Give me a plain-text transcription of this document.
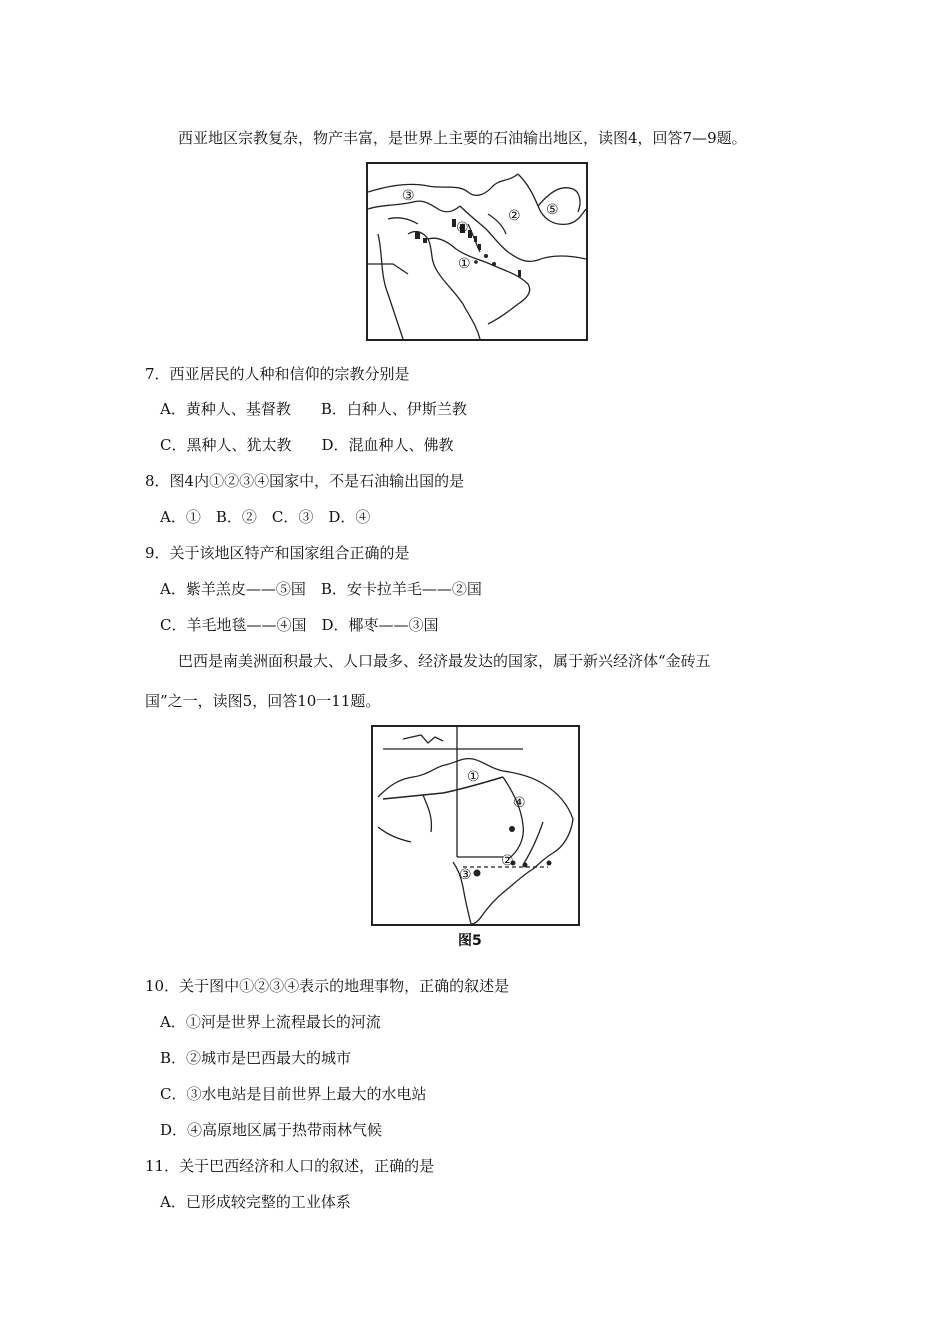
西亚地区宗教复杂，物产丰富，是世界上主要的石油输出地区，读图4，回答7—9题。
③
② ⑤
④
①
7．西亚居民的人种和信仰的宗教分别是
A．黄种人、基督教　　B．白种人、伊斯兰教
C．黑种人、犹太教　　D．混血种人、佛教
8．图4内①②③④国家中，不是石油输出国的是
A．①　B．②　C．③　D．④
9．关于该地区特产和国家组合正确的是
A．紫羊羔皮——⑤国　B．安卡拉羊毛——②国
C．羊毛地毯——④国　D．椰枣——③国
巴西是南美洲面积最大、人口最多、经济最发达的国家，属于新兴经济体“金砖五
国”之一，读图5，回答10一11题。
①
④
②
③
图5
10．关于图中①②③④表示的地理事物，正确的叙述是
A．①河是世界上流程最长的河流
B．②城市是巴西最大的城市
C．③水电站是目前世界上最大的水电站
D．④高原地区属于热带雨林气候
11．关于巴西经济和人口的叙述，正确的是
A．已形成较完整的工业体系
